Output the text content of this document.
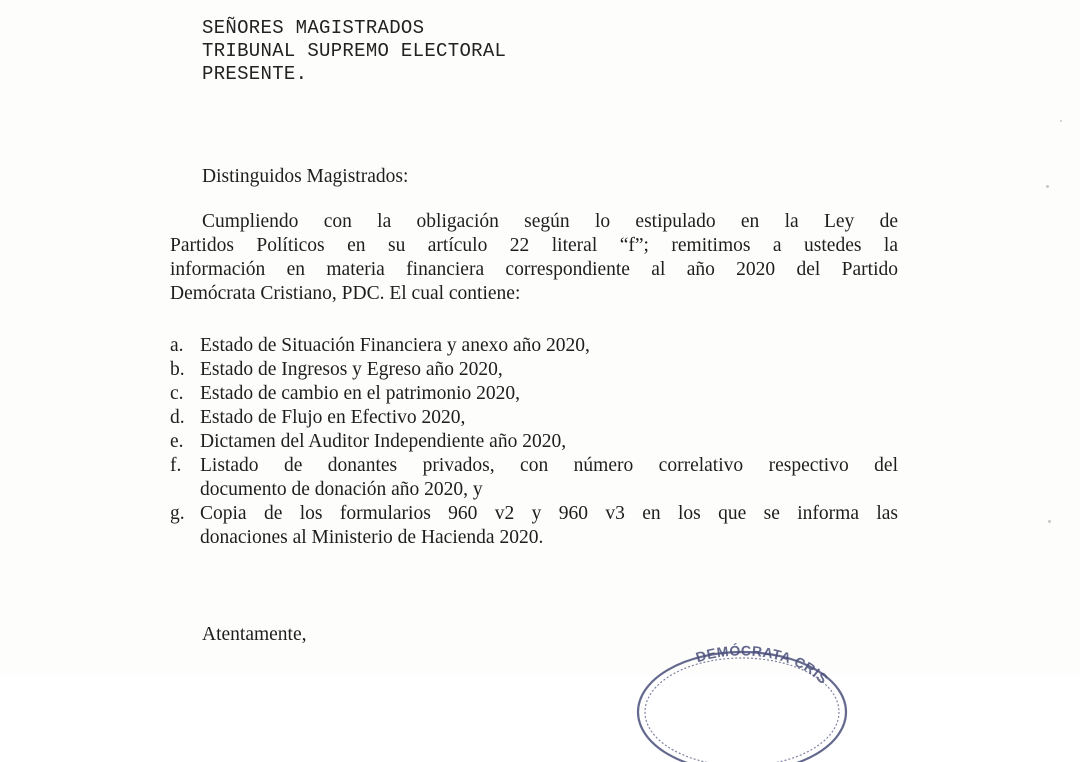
SEÑORES MAGISTRADOS
TRIBUNAL SUPREMO ELECTORAL
PRESENTE.
Distinguidos Magistrados:
Cumpliendo con la obligación según lo estipulado en la Ley de
Partidos Políticos en su artículo 22 literal “f”; remitimos a ustedes la
información en materia financiera correspondiente al año 2020 del Partido
Demócrata Cristiano, PDC. El cual contiene:
a. Estado de Situación Financiera y anexo año 2020,
b. Estado de Ingresos y Egreso año 2020,
c. Estado de cambio en el patrimonio 2020,
d. Estado de Flujo en Efectivo 2020,
e. Dictamen del Auditor Independiente año 2020,
f. Listado de donantes privados, con número correlativo respectivo del
documento de donación año 2020, y
g. Copia de los formularios 960 v2 y 960 v3 en los que se informa las
donaciones al Ministerio de Hacienda 2020.
Atentamente,
DEMÓCRATA CRIS
